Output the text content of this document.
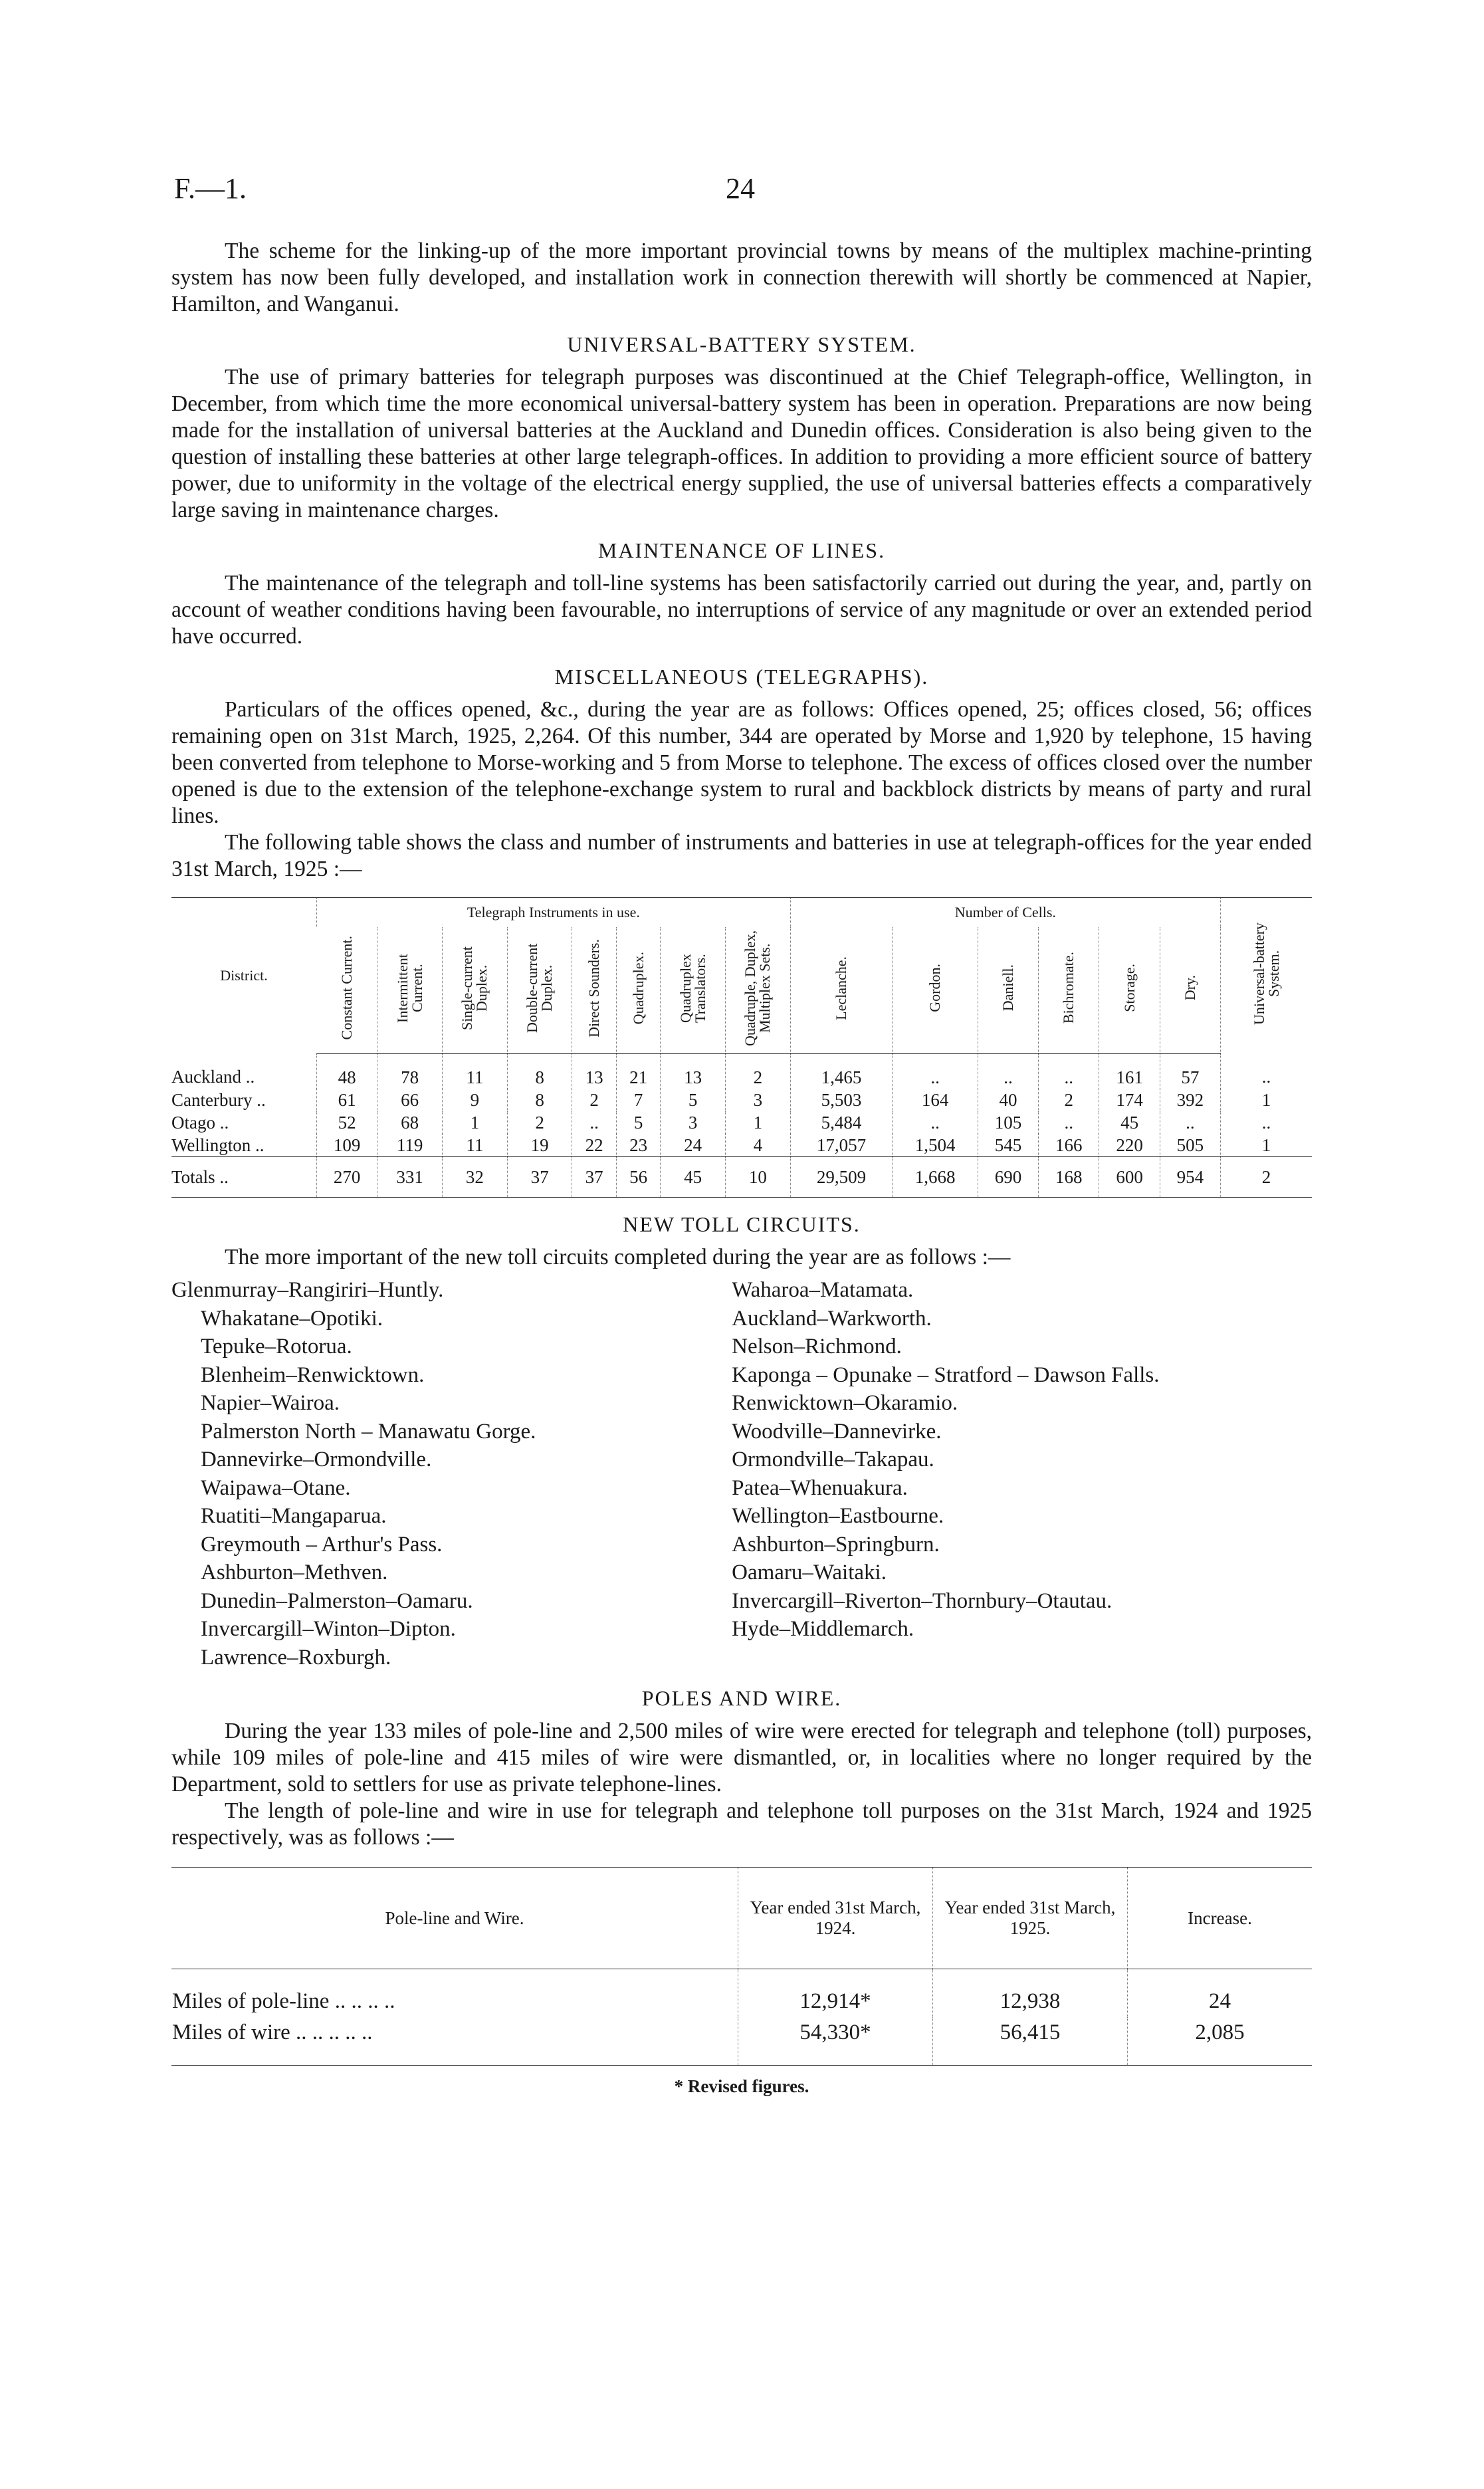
F.—1.	24

The scheme for the linking-up of the more important provincial towns by means of the multiplex machine-printing system has now been fully developed, and installation work in connection therewith will shortly be commenced at Napier, Hamilton, and Wanganui.

UNIVERSAL-BATTERY SYSTEM.

The use of primary batteries for telegraph purposes was discontinued at the Chief Telegraph-office, Wellington, in December, from which time the more economical universal-battery system has been in operation. Preparations are now being made for the installation of universal batteries at the Auckland and Dunedin offices. Consideration is also being given to the question of installing these batteries at other large telegraph-offices. In addition to providing a more efficient source of battery power, due to uniformity in the voltage of the electrical energy supplied, the use of universal batteries effects a comparatively large saving in maintenance charges.

MAINTENANCE OF LINES.

The maintenance of the telegraph and toll-line systems has been satisfactorily carried out during the year, and, partly on account of weather conditions having been favourable, no interruptions of service of any magnitude or over an extended period have occurred.

MISCELLANEOUS (TELEGRAPHS).

Particulars of the offices opened, &c., during the year are as follows: Offices opened, 25; offices closed, 56; offices remaining open on 31st March, 1925, 2,264. Of this number, 344 are operated by Morse and 1,920 by telephone, 15 having been converted from telephone to Morse-working and 5 from Morse to telephone. The excess of offices closed over the number opened is due to the extension of the telephone-exchange system to rural and backblock districts by means of party and rural lines.

The following table shows the class and number of instruments and batteries in use at telegraph-offices for the year ended 31st March, 1925 :—

District.	Telegraph Instruments in use.								Number of Cells.						Universal-battery System.
	Constant Current.	Intermittent Current.	Single-current Duplex.	Double-current Duplex.	Direct Sounders.	Quadruplex.	Quadruplex Translators.	Quadruple, Duplex, Multiplex Sets.	Leclanche.	Gordon.	Daniell.	Bichromate.	Storage.	Dry.	
Auckland ..	48	78	11	8	13	21	13	2	1,465	..	..	..	161	57	..
Canterbury ..	61	66	9	8	2	7	5	3	5,503	164	40	2	174	392	1
Otago ..	52	68	1	2	..	5	3	1	5,484	..	105	..	45	..	..
Wellington ..	109	119	11	19	22	23	24	4	17,057	1,504	545	166	220	505	1
Totals ..	270	331	32	37	37	56	45	10	29,509	1,668	690	168	600	954	2
NEW TOLL CIRCUITS.

The more important of the new toll circuits completed during the year are as follows :—

Glenmurray–Rangiriri–Huntly.
Whakatane–Opotiki.
Tepuke–Rotorua.
Blenheim–Renwicktown.
Napier–Wairoa.
Palmerston North – Manawatu Gorge.
Dannevirke–Ormondville.
Waipawa–Otane.
Ruatiti–Mangaparua.
Greymouth – Arthur's Pass.
Ashburton–Methven.
Dunedin–Palmerston–Oamaru.
Invercargill–Winton–Dipton.
Lawrence–Roxburgh.
Waharoa–Matamata.
Auckland–Warkworth.
Nelson–Richmond.
Kaponga – Opunake – Stratford – Dawson Falls.
Renwicktown–Okaramio.
Woodville–Dannevirke.
Ormondville–Takapau.
Patea–Whenuakura.
Wellington–Eastbourne.
Ashburton–Springburn.
Oamaru–Waitaki.
Invercargill–Riverton–Thornbury–Otautau.
Hyde–Middlemarch.
POLES AND WIRE.

During the year 133 miles of pole-line and 2,500 miles of wire were erected for telegraph and telephone (toll) purposes, while 109 miles of pole-line and 415 miles of wire were dismantled, or, in localities where no longer required by the Department, sold to settlers for use as private telephone-lines.

The length of pole-line and wire in use for telegraph and telephone toll purposes on the 31st March, 1924 and 1925 respectively, was as follows :—

Pole-line and Wire.	Year ended 31st March, 1924.	Year ended 31st March, 1925.	Increase.
Miles of pole-line .. .. .. ..	12,914*	12,938	24
Miles of wire .. .. .. .. ..	54,330*	56,415	2,085
* Revised figures.
